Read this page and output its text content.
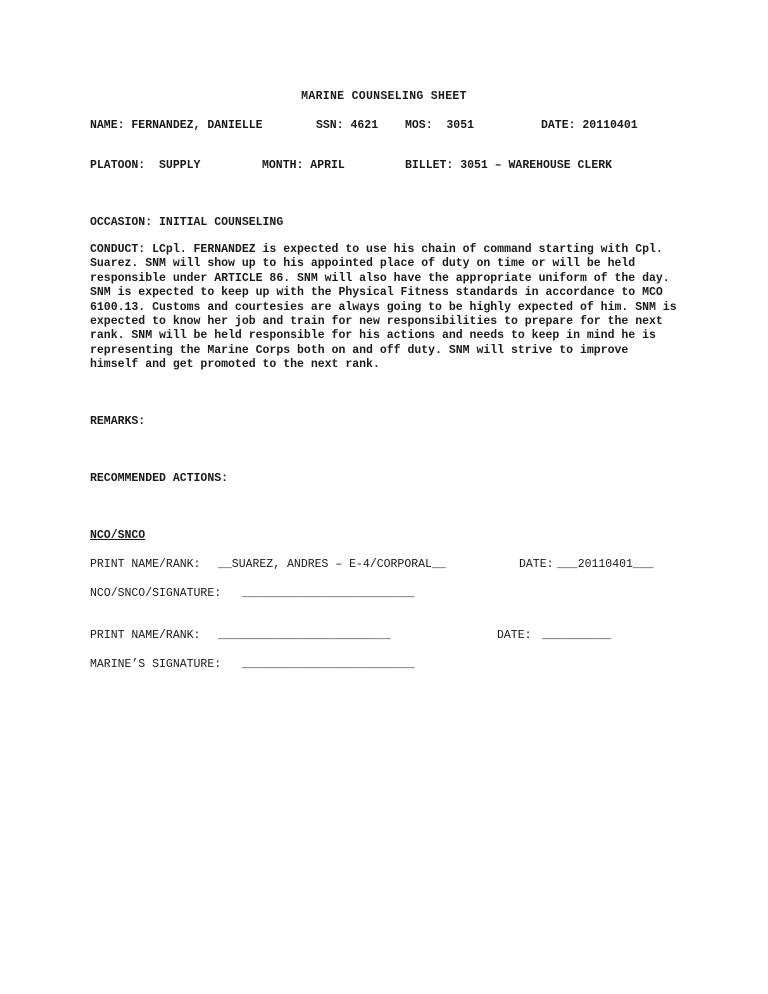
MARINE COUNSELING SHEET
NAME: FERNANDEZ, DANIELLE	SSN: 4621 MOS:  3051	DATE: 20110401
PLATOON:  SUPPLY	MONTH: APRIL	BILLET: 3051 – WAREHOUSE CLERK
OCCASION: INITIAL COUNSELING
CONDUCT: LCpl. FERNANDEZ is expected to use his chain of command starting with Cpl. Suarez. SNM will show up to his appointed place of duty on time or will be held responsible under ARTICLE 86. SNM will also have the appropriate uniform of the day. SNM is expected to keep up with the Physical Fitness standards in accordance to MCO 6100.13. Customs and courtesies are always going to be highly expected of him. SNM is expected to know her job and train for new responsibilities to prepare for the next rank. SNM will be held responsible for his actions and needs to keep in mind he is representing the Marine Corps both on and off duty. SNM will strive to improve himself and get promoted to the next rank.
REMARKS:
RECOMMENDED ACTIONS:
NCO/SNCO
PRINT NAME/RANK: __SUAREZ, ANDRES – E-4/CORPORAL__	DATE: ___20110401___
NCO/SNCO/SIGNATURE: _________________________
PRINT NAME/RANK: _________________________	DATE: __________
MARINE’S SIGNATURE: _________________________
